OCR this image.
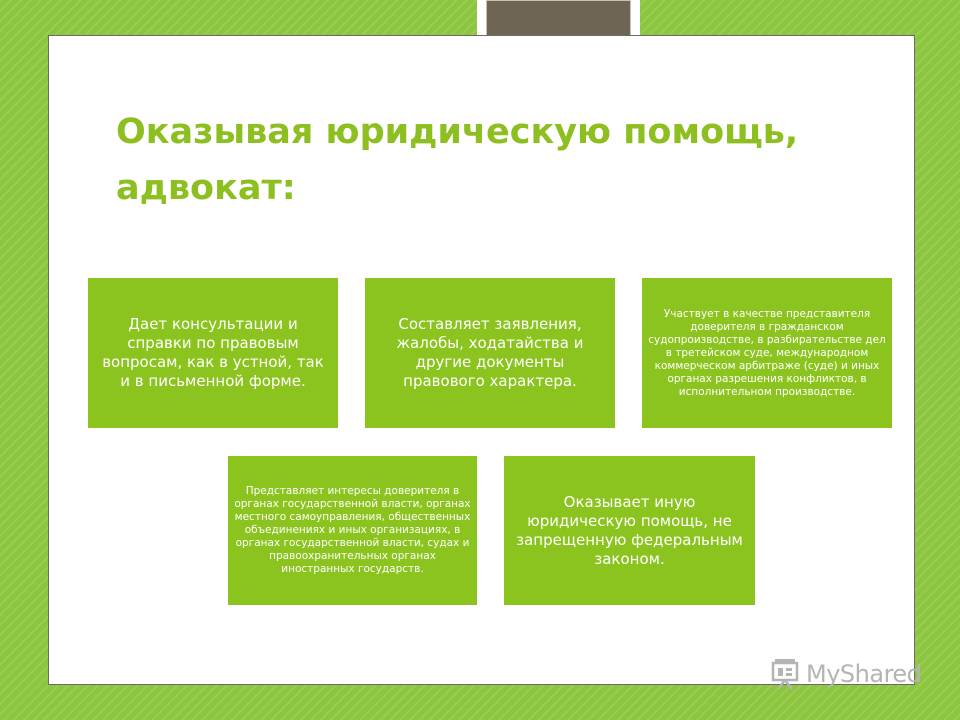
Оказывая юридическую помощь, адвокат:
Дает консультации и справки по правовым вопросам, как в устной, так и в письменной форме.
Составляет заявления, жалобы, ходатайства и другие документы правового характера.
Участвует в качестве представителя доверителя в гражданском судопроизводстве, в разбирательстве дел в третейском суде, международном коммерческом арбитраже (суде) и иных органах разрешения конфликтов, в исполнительном производстве.
Представляет интересы доверителя в органах государственной власти, органах местного самоуправления, общественных объединениях и иных организациях, в органах государственной власти, судах и правоохранительных органах иностранных государств.
Оказывает иную юридическую помощь, не запрещенную федеральным законом.
MyShared
